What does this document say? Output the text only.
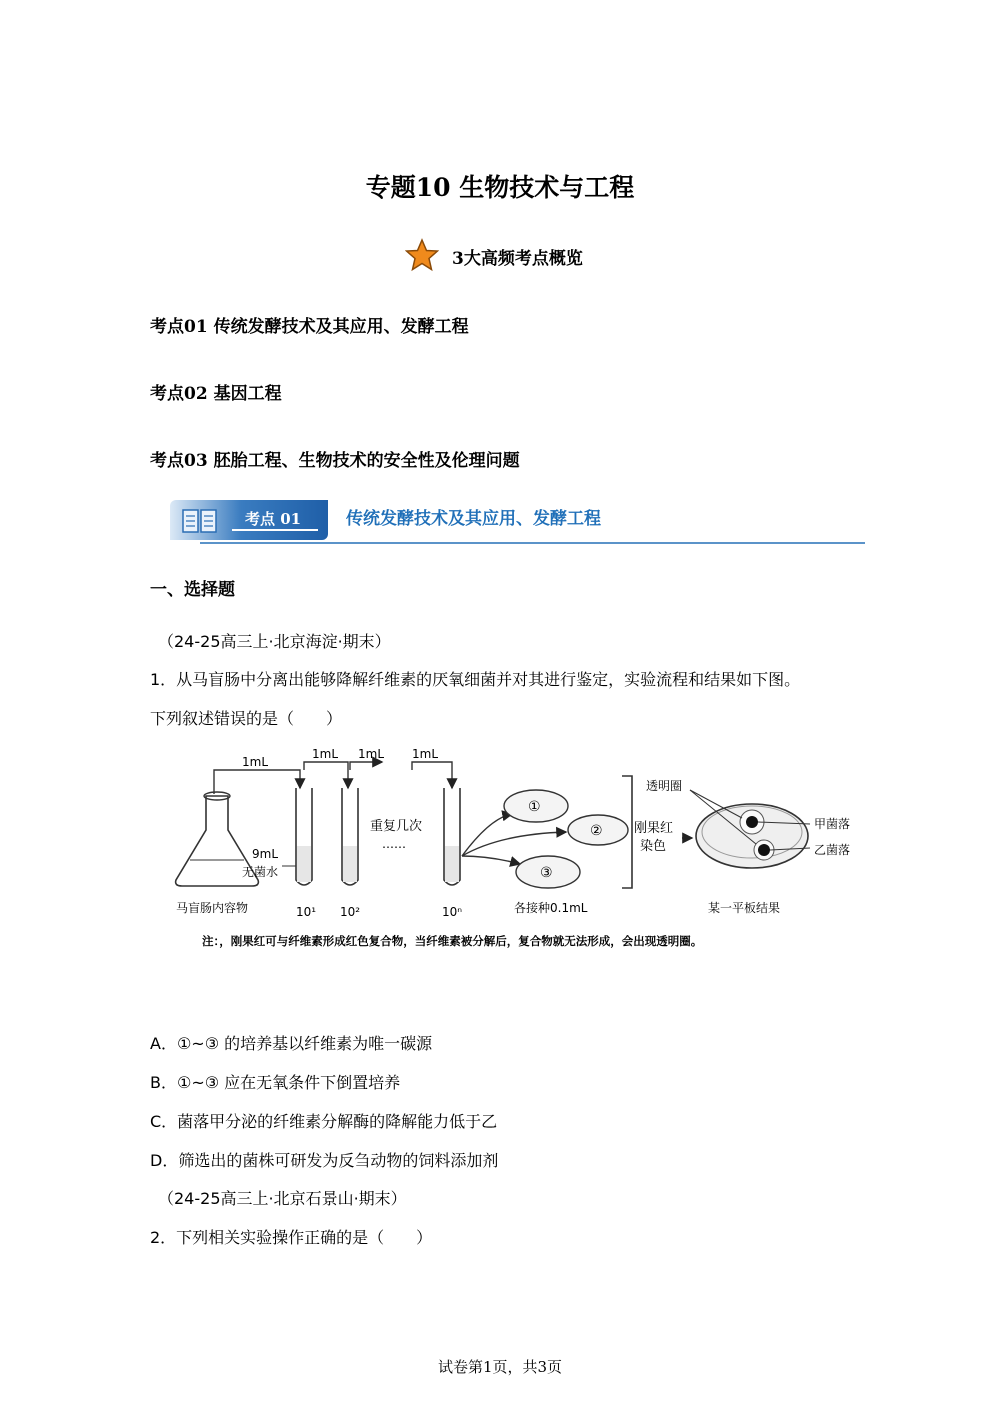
专题10 生物技术与工程
3大高频考点概览
考点01 传统发酵技术及其应用、发酵工程
考点02 基因工程
考点03 胚胎工程、生物技术的安全性及伦理问题
考点 01	传统发酵技术及其应用、发酵工程
一、选择题
（24-25高三上·北京海淀·期末）
1．从马盲肠中分离出能够降解纤维素的厌氧细菌并对其进行鉴定，实验流程和结果如下图。
下列叙述错误的是（　　）
1mL
1mL 1mL
9mL
无菌水
重复几次
……
1mL
马盲肠内容物	10¹ 10²	10ⁿ
①
②
③
各接种0.1mL
刚果红
染色
透明圈
甲菌落
乙菌落
某一平板结果
注：，刚果红可与纤维素形成红色复合物，当纤维素被分解后，复合物就无法形成，会出现透明圈。
A．①~③ 的培养基以纤维素为唯一碳源
B．①~③ 应在无氧条件下倒置培养
C．菌落甲分泌的纤维素分解酶的降解能力低于乙
D．筛选出的菌株可研发为反刍动物的饲料添加剂
（24-25高三上·北京石景山·期末）
2．下列相关实验操作正确的是（　　）
试卷第1页，共3页
